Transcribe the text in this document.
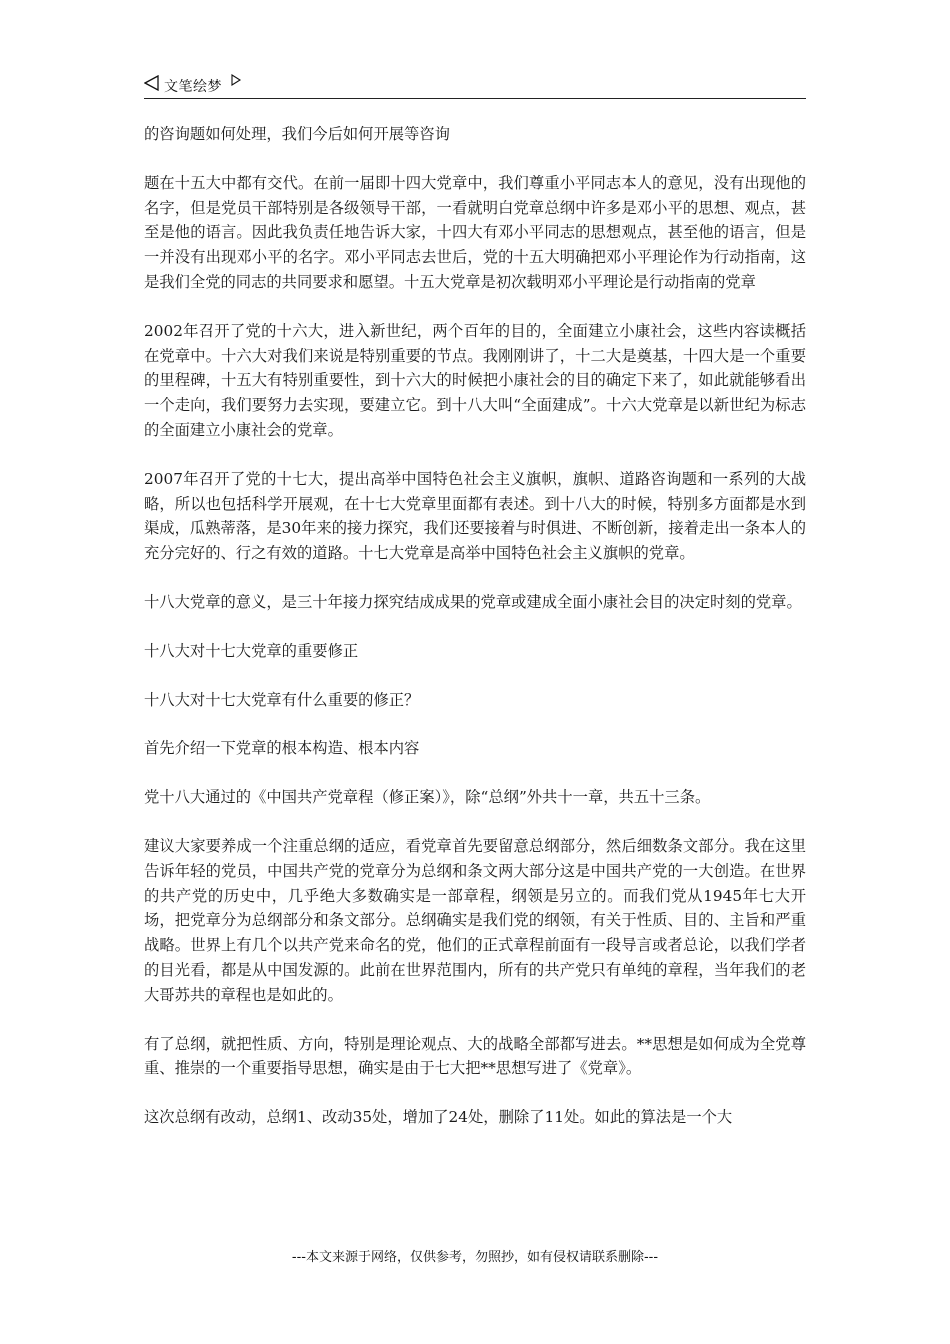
文笔绘梦

的咨询题如何处理，我们今后如何开展等咨询

题在十五大中都有交代。在前一届即十四大党章中，我们尊重小平同志本人的意见，没有出现他的名字，但是党员干部特别是各级领导干部，一看就明白党章总纲中许多是邓小平的思想、观点，甚至是他的语言。因此我负责任地告诉大家，十四大有邓小平同志的思想观点，甚至他的语言，但是一并没有出现邓小平的名字。邓小平同志去世后，党的十五大明确把邓小平理论作为行动指南，这是我们全党的同志的共同要求和愿望。十五大党章是初次载明邓小平理论是行动指南的党章

2002年召开了党的十六大，进入新世纪，两个百年的目的，全面建立小康社会，这些内容读概括在党章中。十六大对我们来说是特别重要的节点。我刚刚讲了，十二大是奠基，十四大是一个重要的里程碑，十五大有特别重要性，到十六大的时候把小康社会的目的确定下来了，如此就能够看出一个走向，我们要努力去实现，要建立它。到十八大叫“全面建成”。十六大党章是以新世纪为标志的全面建立小康社会的党章。

2007年召开了党的十七大，提出高举中国特色社会主义旗帜，旗帜、道路咨询题和一系列的大战略，所以也包括科学开展观，在十七大党章里面都有表述。到十八大的时候，特别多方面都是水到渠成，瓜熟蒂落，是30年来的接力探究，我们还要接着与时俱进、不断创新，接着走出一条本人的充分完好的、行之有效的道路。十七大党章是高举中国特色社会主义旗帜的党章。

十八大党章的意义，是三十年接力探究结成成果的党章或建成全面小康社会目的决定时刻的党章。

十八大对十七大党章的重要修正

十八大对十七大党章有什么重要的修正？

首先介绍一下党章的根本构造、根本内容

党十八大通过的《中国共产党章程（修正案）》，除“总纲”外共十一章，共五十三条。

建议大家要养成一个注重总纲的适应，看党章首先要留意总纲部分，然后细数条文部分。我在这里告诉年轻的党员，中国共产党的党章分为总纲和条文两大部分这是中国共产党的一大创造。在世界的共产党的历史中，几乎绝大多数确实是一部章程，纲领是另立的。而我们党从1945年七大开场，把党章分为总纲部分和条文部分。总纲确实是我们党的纲领，有关于性质、目的、主旨和严重战略。世界上有几个以共产党来命名的党，他们的正式章程前面有一段导言或者总论，以我们学者的目光看，都是从中国发源的。此前在世界范围内，所有的共产党只有单纯的章程，当年我们的老大哥苏共的章程也是如此的。

有了总纲，就把性质、方向，特别是理论观点、大的战略全部都写进去。**思想是如何成为全党尊重、推崇的一个重要指导思想，确实是由于七大把**思想写进了《党章》。

这次总纲有改动，总纲1、改动35处，增加了24处，删除了11处。如此的算法是一个大

---本文来源于网络，仅供参考，勿照抄，如有侵权请联系删除---
